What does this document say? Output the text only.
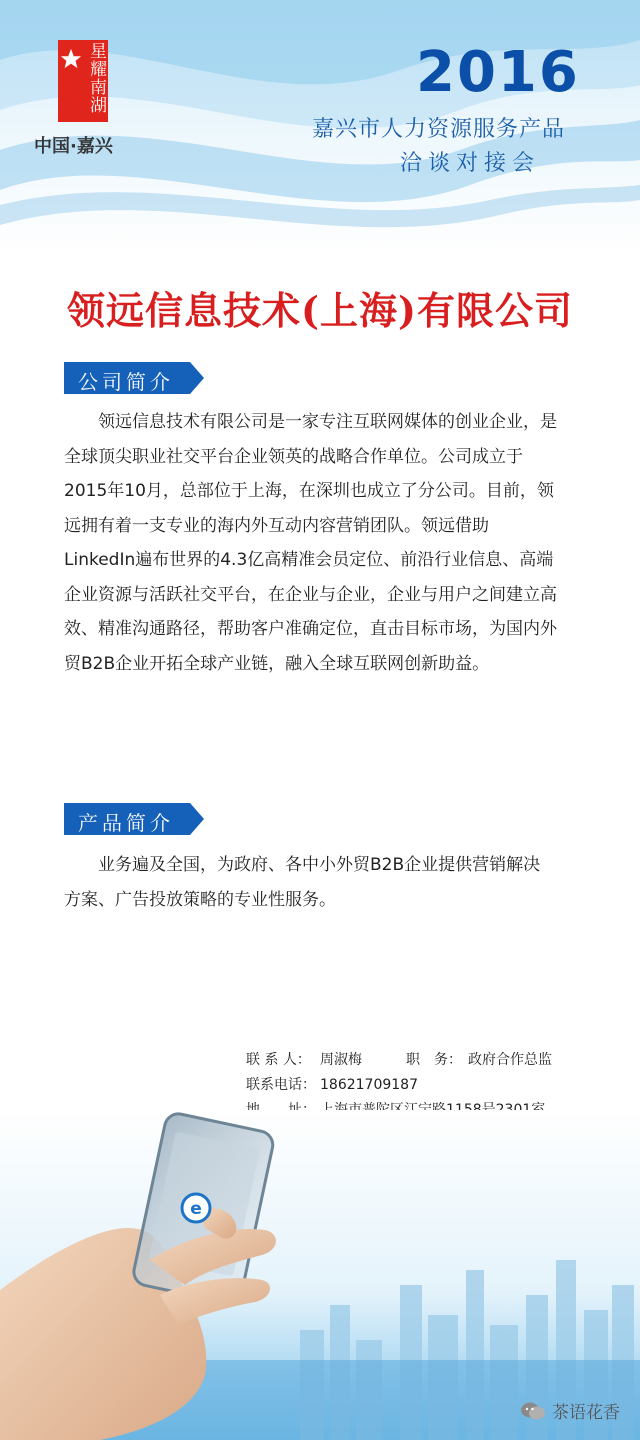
星耀南湖
中国·嘉兴
2016
嘉兴市人力资源服务产品
洽谈对接会
领远信息技术(上海)有限公司
公司简介
领远信息技术有限公司是一家专注互联网媒体的创业企业，是
全球顶尖职业社交平台企业领英的战略合作单位。公司成立于
2015年10月，总部位于上海，在深圳也成立了分公司。目前，领
远拥有着一支专业的海内外互动内容营销团队。领远借助
LinkedIn遍布世界的4.3亿高精准会员定位、前沿行业信息、高端
企业资源与活跃社交平台，在企业与企业，企业与用户之间建立高
效、精准沟通路径，帮助客户准确定位，直击目标市场，为国内外
贸B2B企业开拓全球产业链，融入全球互联网创新助益。
产品简介
业务遍及全国，为政府、各中小外贸B2B企业提供营销解决
方案、广告投放策略的专业性服务。
联 系 人： 周淑梅	职　务： 政府合作总监
联系电话： 18621709187
e
茶语花香
